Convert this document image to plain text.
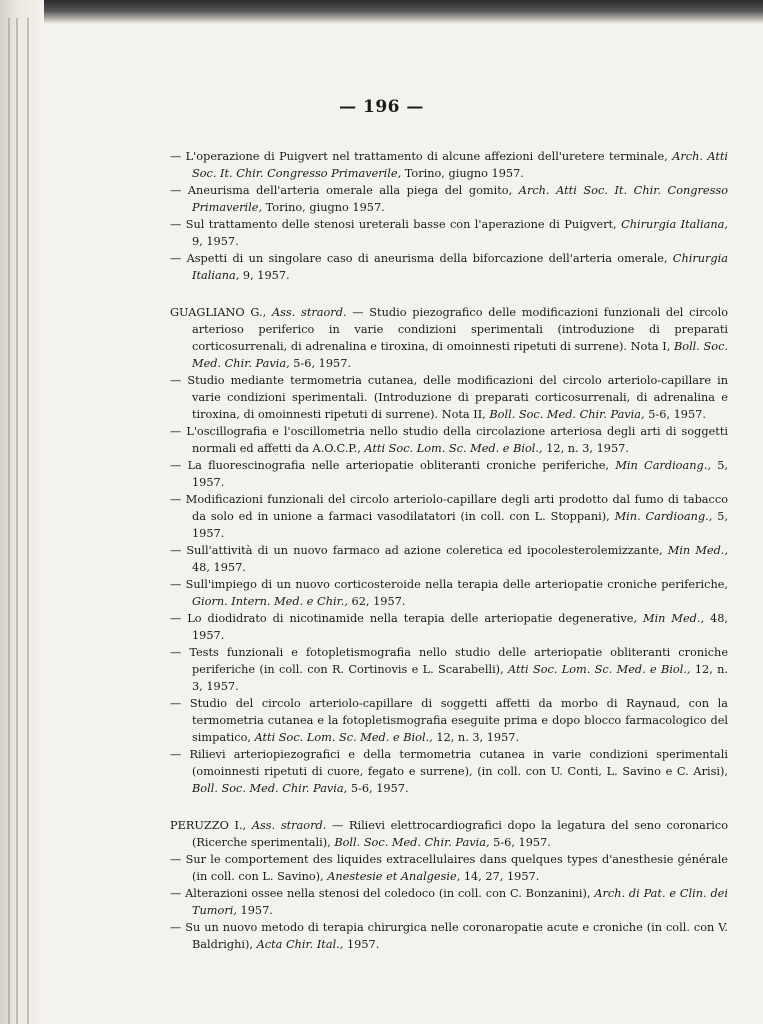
— 196 —
— L'operazione di Puigvert nel trattamento di alcune affezioni dell'uretere terminale, Arch. Atti Soc. It. Chir. Congresso Primaverile, Torino, giugno 1957.
— Aneurisma dell'arteria omerale alla piega del gomito, Arch. Atti Soc. It. Chir. Congresso Primaverile, Torino, giugno 1957.
— Sul trattamento delle stenosi ureterali basse con l'aperazione di Puigvert, Chirurgia Italiana, 9, 1957.
— Aspetti di un singolare caso di aneurisma della biforcazione dell'arteria omerale, Chirurgia Italiana, 9, 1957.
GUAGLIANO G., Ass. straord. — Studio piezografico delle modificazioni funzionali del circolo arterioso periferico in varie condizioni sperimentali (introduzione di preparati corticosurrenali, di adrenalina e tiroxina, di omoinnesti ripetuti di surrene). Nota I, Boll. Soc. Med. Chir. Pavia, 5-6, 1957.
— Studio mediante termometria cutanea, delle modificazioni del circolo arteriolo-capillare in varie condizioni sperimentali. (Introduzione di preparati corticosurrenali, di adrenalina e tiroxina, di omoinnesti ripetuti di surrene). Nota II, Boll. Soc. Med. Chir. Pavia, 5-6, 1957.
— L'oscillografia e l'oscillometria nello studio della circolazione arteriosa degli arti di soggetti normali ed affetti da A.O.C.P., Atti Soc. Lom. Sc. Med. e Biol., 12, n. 3, 1957.
— La fluorescinografia nelle arteriopatie obliteranti croniche periferiche, Min Cardioang., 5, 1957.
— Modificazioni funzionali del circolo arteriolo-capillare degli arti prodotto dal fumo di tabacco da solo ed in unione a farmaci vasodilatatori (in coll. con L. Stoppani), Min. Cardioang., 5, 1957.
— Sull'attività di un nuovo farmaco ad azione coleretica ed ipocolesterolemizzante, Min Med., 48, 1957.
— Sull'impiego di un nuovo corticosteroide nella terapia delle arteriopatie croniche periferiche, Giorn. Intern. Med. e Chir., 62, 1957.
— Lo diodidrato di nicotinamide nella terapia delle arteriopatie degenerative, Min Med., 48, 1957.
— Tests funzionali e fotopletismografia nello studio delle arteriopatie obliteranti croniche periferiche (in coll. con R. Cortinovis e L. Scarabelli), Atti Soc. Lom. Sc. Med. e Biol., 12, n. 3, 1957.
— Studio del circolo arteriolo-capillare di soggetti affetti da morbo di Raynaud, con la termometria cutanea e la fotopletismografia eseguite prima e dopo blocco farmacologico del simpatico, Atti Soc. Lom. Sc. Med. e Biol., 12, n. 3, 1957.
— Rilievi arteriopiezografici e della termometria cutanea in varie condizioni sperimentali (omoinnesti ripetuti di cuore, fegato e surrene), (in coll. con U. Conti, L. Savino e C. Arisi), Boll. Soc. Med. Chir. Pavia, 5-6, 1957.
PERUZZO I., Ass. straord. — Rilievi elettrocardiografici dopo la legatura del seno coronarico (Ricerche sperimentali), Boll. Soc. Med. Chir. Pavia, 5-6, 1957.
— Sur le comportement des liquides extracellulaires dans quelques types d'anesthesie générale (in coll. con L. Savino), Anestesie et Analgesie, 14, 27, 1957.
— Alterazioni ossee nella stenosi del coledoco (in coll. con C. Bonzanini), Arch. di Pat. e Clin. dei Tumori, 1957.
— Su un nuovo metodo di terapia chirurgica nelle coronaropatie acute e croniche (in coll. con V. Baldrighi), Acta Chir. Ital., 1957.
